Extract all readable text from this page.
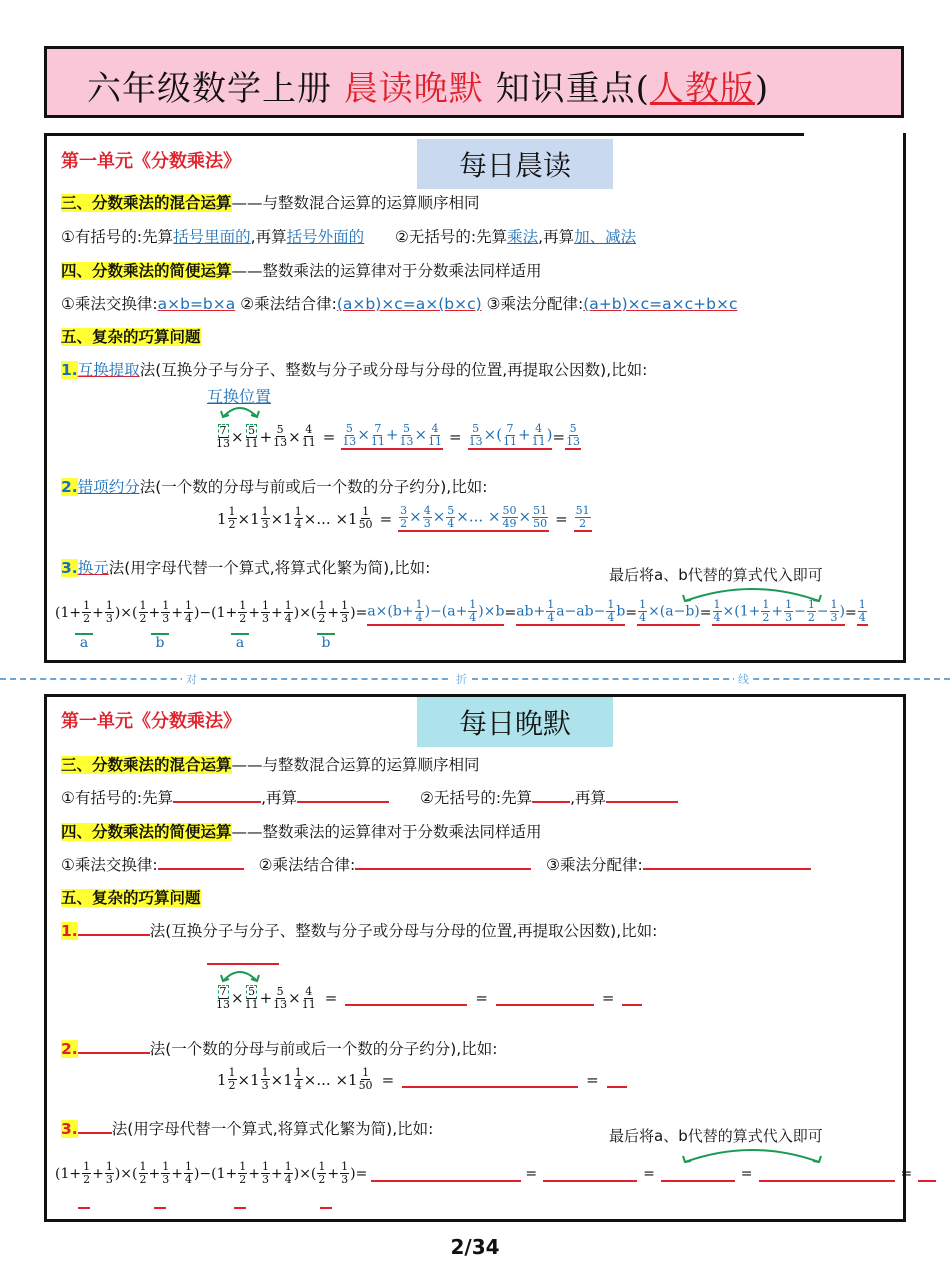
六年级数学上册 晨读晚默 知识重点(人教版)
每日晨读
第一单元《分数乘法》
三、分数乘法的混合运算——与整数混合运算的运算顺序相同
①有括号的:先算括号里面的,再算括号外面的 ②无括号的:先算乘法,再算加、减法
四、分数乘法的简便运算——整数乘法的运算律对于分数乘法同样适用
①乘法交换律:a×b=b×a ②乘法结合律:(a×b)×c=a×(b×c) ③乘法分配律:(a+b)×c=a×c+b×c
五、复杂的巧算问题
1.互换提取法(互换分子与分子、整数与分子或分母与分母的位置,再提取公因数),比如:
互换位置
7
13 × 5
11 + 5
$13 \times \frac{4}{11} = \frac{5}{13} \times \frac{7}{11} + \frac{5}{13} \times \frac{4}{11} = \frac{5}{13}$ ×( $\frac{7}{11} + \frac{4}{11}$ ) = $\frac{5}{13}$
2.错项约分法(一个数的分母与前或后一个数的分子约分),比如:
1 1
2 ×1 1
3 ×1 1
4 ×... $\times 1 \frac{1}{50} = \frac{3}{2} \times \frac{4}{3} \times \frac{5}{4}$ ×... × $\frac{50}{49} \times \frac{51}{50} = \frac{51}{2}$
3.换元法(用字母代替一个算式,将算式化繁为简),比如:	最后将a、b代替的算式代入即可
(1+ 1
2 + 1
3 )×( 1
2 + 1
3 + 1
4 )−(1+ 1
2 + 1
3 + 1
4 )×( 1
2 + 1
3 )= $a\times(b+ \frac{1}{4} )-(a+ \frac{1}{4} )\times b = ab+ \frac{1}{4} a-ab- \frac{1}{4}$ $b = \frac{1}{4} \times(a-b) = \frac{1}{4} \times(1+ \frac{1}{2} + \frac{1}{3} - \frac{1}{2} - \frac{1}{3}$ ) = $\frac{1}{4}$
a	b	a	b
对	折	线
每日晚默
第一单元《分数乘法》
三、分数乘法的混合运算——与整数混合运算的运算顺序相同
①有括号的:先算	,再算	②无括号的:先算 ,再算
四、分数乘法的简便运算——整数乘法的运算律对于分数乘法同样适用
①乘法交换律:	②乘法结合律:	③乘法分配律:
五、复杂的巧算问题
1.	法(互换分子与分子、整数与分子或分母与分母的位置,再提取公因数),比如:
7
13 × 5
11 + 5
$13 \times \frac{4}{11}$ =	=	=
2.	法(一个数的分母与前或后一个数的分子约分),比如:
1 1
2 ×1 1
3 ×1 1
4 ×... $\times 1 \frac{1}{50}$ =	=
3. 法(用字母代替一个算式,将算式化繁为简),比如:	最后将a、b代替的算式代入即可
(1+ 1
2 + 1
3 )×( 1
2 + 1
3 + 1
4 )−(1+ 1
2 + 1
3 + 1
4 )×( 1
2 + 1
3 )=	=	=	=	=
2/34
